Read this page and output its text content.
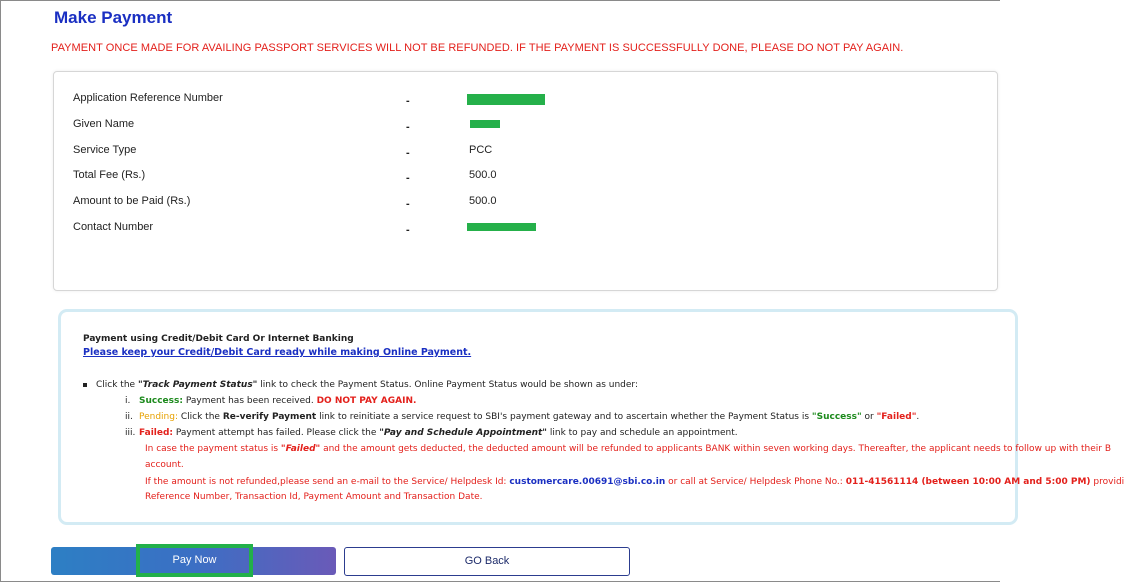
Make Payment
PAYMENT ONCE MADE FOR AVAILING PASSPORT SERVICES WILL NOT BE REFUNDED. IF THE PAYMENT IS SUCCESSFULLY DONE, PLEASE DO NOT PAY AGAIN.
Application Reference Number	-
Given Name	-
Service Type	-	PCC
Total Fee (Rs.)	-	500.0
Amount to be Paid (Rs.)	-	500.0
Contact Number	-
Payment using Credit/Debit Card Or Internet Banking
Please keep your Credit/Debit Card ready while making Online Payment.
Click the "Track Payment Status" link to check the Payment Status. Online Payment Status would be shown as under:
i. Success: Payment has been received. DO NOT PAY AGAIN.
ii. Pending: Click the Re-verify Payment link to reinitiate a service request to SBI's payment gateway and to ascertain whether the Payment Status is "Success" or "Failed".
iii. Failed: Payment attempt has failed. Please click the "Pay and Schedule Appointment" link to pay and schedule an appointment.
In case the payment status is "Failed" and the amount gets deducted, the deducted amount will be refunded to applicants BANK within seven working days. Thereafter, the applicant needs to follow up with their B
account.
If the amount is not refunded,please send an e-mail to the Service/ Helpdesk Id: customercare.00691@sbi.co.in or call at Service/ Helpdesk Phone No.: 011-41561114 (between 10:00 AM and 5:00 PM) providi
Reference Number, Transaction Id, Payment Amount and Transaction Date.
Pay Now	GO Back
